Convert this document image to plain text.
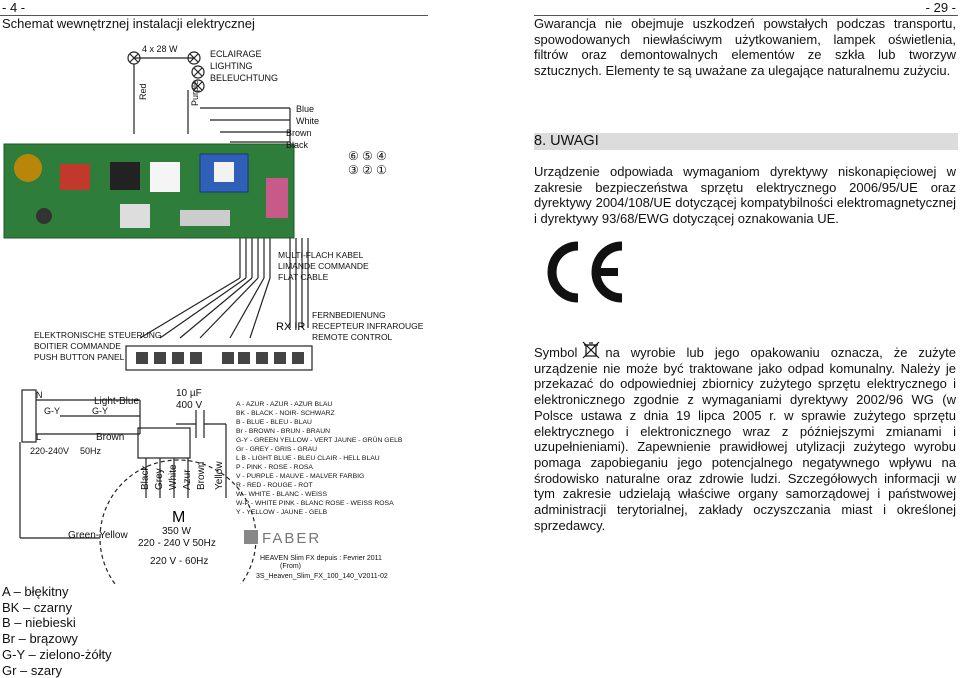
- 4 -	- 29 -
Schemat wewnętrznej instalacji elektrycznej
4 x 28 W	ECLAIRAGE
LIGHTING
BELEUCHTUNG
Red	Purple
Blue
White
Brown
Black
⑥ ⑤ ④
③ ② ①
MULTI-FLACH KABEL
LIMANDE COMMANDE
FLAT CABLE
FERNBEDIENUNG
RECEPTEUR INFRAROUGE
REMOTE CONTROL
ELEKTRONISCHE STEUERUNG
BOITIER COMMANDE
PUSH BUTTON PANEL
RX IR
N
L
G-Y	G-Y
220-240V 50Hz
Light-Blue
Brown
10 µF
400 V
Black Grey White Azur Brown Yellow
Green-Yellow
M
350 W
220 - 240 V 50Hz
220 V - 60Hz
A - AZUR - AZUR - AZUR BLAU
BK - BLACK - NOIR- SCHWARZ
B - BLUE - BLEU - BLAU
Br - BROWN - BRUN - BRAUN
G-Y - GREEN YELLOW - VERT JAUNE - GRÜN GELB
Gr - GREY - GRIS - GRAU
L B - LIGHT BLUE - BLEU CLAIR - HELL BLAU
P - PINK - ROSE - ROSA
V - PURPLE - MAUVE - MALVER FARBIG
R - RED - ROUGE - ROT
W - WHITE - BLANC - WEISS
W-P - WHITE PINK - BLANC ROSE - WEISS ROSA
Y - YELLOW - JAUNE - GELB
FABER
HEAVEN Slim FX depuis : Fevrier 2011
(From)
3S_Heaven_Slim_FX_100_140_V2011-02
A – błękitny
BK – czarny
B – niebieski
Br – brązowy
G-Y – zielono-żółty
Gr – szary
Gwarancja nie obejmuje uszkodzeń powstałych podczas transportu, spowodowanych niewłaściwym użytkowaniem, lampek oświetlenia, filtrów oraz demontowalnych elementów ze szkła lub tworzyw sztucznych. Elementy te są uważane za ulegające naturalnemu zużyciu.
8. UWAGI
Urządzenie odpowiada wymaganiom dyrektywy niskonapięciowej w zakresie bezpieczeństwa sprzętu elektrycznego 2006/95/UE oraz dyrektywy 2004/108/UE dotyczącej kompatybilności elektromagnetycznej i dyrektywy 93/68/EWG dotyczącej oznakowania UE.
Symbol na wyrobie lub jego opakowaniu oznacza, że zużyte urządzenie nie może być traktowane jako odpad komunalny. Należy je przekazać do odpowiedniej zbiornicy zużytego sprzętu elektrycznego i elektronicznego zgodnie z wymaganiami dyrektywy 2002/96 WG (w Polsce ustawa z dnia 19 lipca 2005 r. w sprawie zużytego sprzętu elektrycznego i elektronicznego wraz z późniejszymi zmianami i uzupełnieniami). Zapewnienie prawidłowej utylizacji zużytego wyrobu pomaga zapobieganiu jego potencjalnego negatywnego wpływu na środowisko naturalne oraz zdrowie ludzi. Szczegółowych informacji w tym zakresie udzielają właściwe organy samorządowej i państwowej administracji terytorialnej, zakłady oczyszczania miast i określonej sprzedawcy.
